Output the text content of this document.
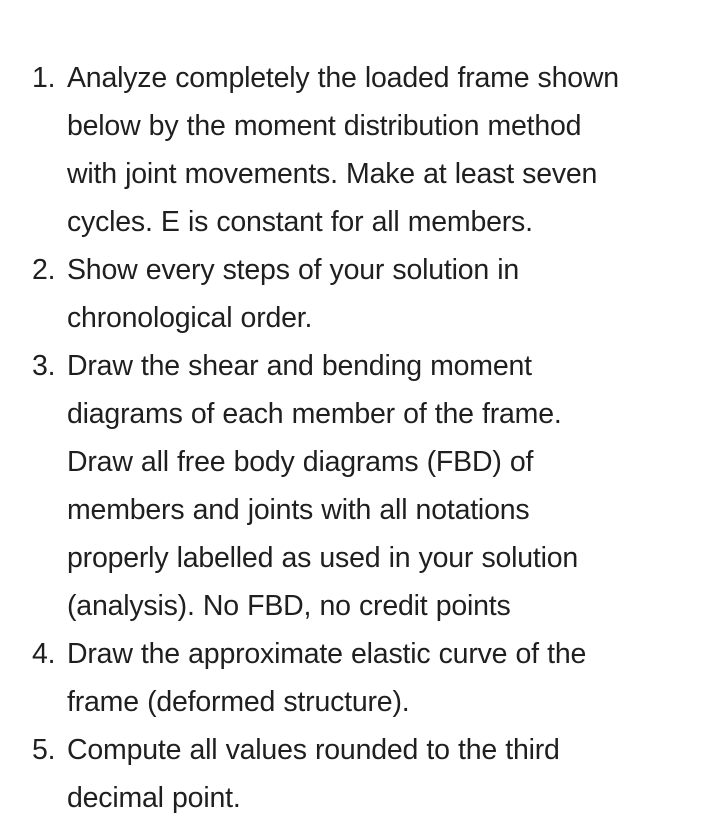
1. Analyze completely the loaded frame shown
below by the moment distribution method
with joint movements. Make at least seven
cycles. E is constant for all members.
2. Show every steps of your solution in
chronological order.
3. Draw the shear and bending moment
diagrams of each member of the frame.
Draw all free body diagrams (FBD) of
members and joints with all notations
properly labelled as used in your solution
(analysis). No FBD, no credit points
4. Draw the approximate elastic curve of the
frame (deformed structure).
5. Compute all values rounded to the third
decimal point.
